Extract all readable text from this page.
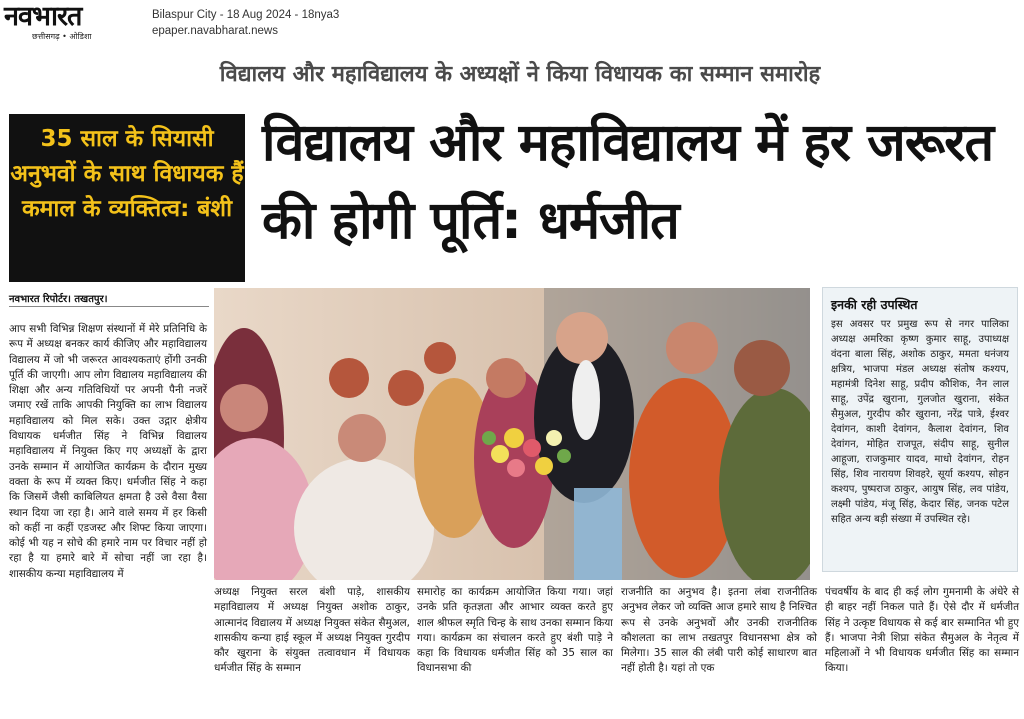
नवभारत
छत्तीसगढ़ • ओडिशा
Bilaspur City - 18 Aug 2024 - 18nya3
epaper.navabharat.news
विद्यालय और महाविद्यालय के अध्यक्षों ने किया विधायक का सम्मान समारोह
35 साल के सियासी अनुभवों के साथ विधायक हैं कमाल के व्यक्तित्व: बंशी
विद्यालय और महाविद्यालय में हर जरूरत की होगी पूर्ति: धर्मजीत
नवभारत रिपोर्टर। तखतपुर।
आप सभी विभिन्न शिक्षण संस्थानों में मेरे प्रतिनिधि के रूप में अध्यक्ष बनकर कार्य कीजिए और महाविद्यालय विद्यालय में जो भी जरूरत आवश्यकताएं होंगी उनकी पूर्ति की जाएगी। आप लोग विद्यालय महाविद्यालय की शिक्षा और अन्य गतिविधियों पर अपनी पैनी नजरें जमाए रखें ताकि आपकी नियुक्ति का लाभ विद्यालय महाविद्यालय को मिल सके। उक्त उद्गार क्षेत्रीय विधायक धर्मजीत सिंह ने विभिन्न विद्यालय महाविद्यालय में नियुक्त किए गए अध्यक्षों के द्वारा उनके सम्मान में आयोजित कार्यक्रम के दौरान मुख्य वक्ता के रूप में व्यक्त किए। धर्मजीत सिंह ने कहा कि जिसमें जैसी काबिलियत क्षमता है उसे वैसा वैसा स्थान दिया जा रहा है। आने वाले समय में हर किसी को कहीं ना कहीं एडजस्ट और शिफ्ट किया जाएगा। कोई भी यह न सोचे की हमारे नाम पर विचार नहीं हो रहा है या हमारे बारे में सोचा नहीं जा रहा है। शासकीय कन्या महाविद्यालय में
इनकी रही उपस्थित
इस अवसर पर प्रमुख रूप से नगर पालिका अध्यक्ष अमरिका कृष्ण कुमार साहू, उपाध्यक्ष वंदना बाला सिंह, अशोक ठाकुर, ममता धनंजय क्षत्रिय, भाजपा मंडल अध्यक्ष संतोष कश्यप, महामंत्री दिनेश साहू, प्रदीप कौशिक, नैन लाल साहू, उपेंद्र खुराना, गुलजोत खुराना, संकेत सैमुअल, गुरदीप कौर खुराना, नरेंद्र पात्रे, ईश्वर देवांगन, काशी देवांगन, कैलाश देवांगन, शिव देवांगन, मोहित राजपूत, संदीप साहू, सुनील आहूजा, राजकुमार यादव, माधो देवांगन, रोहन सिंह, शिव नारायण शिवहरे, सूर्या कश्यप, सोहन कश्यप, पुष्पराज ठाकुर, आयुष सिंह, लव पांडेय, लक्ष्मी पांडेय, मंजू सिंह, केदार सिंह, जनक पटेल सहित अन्य बड़ी संख्या में उपस्थित रहे।
अध्यक्ष नियुक्त सरल बंशी पाड़े, शासकीय महाविद्यालय में अध्यक्ष नियुक्त अशोक ठाकुर, आत्मानंद विद्यालय में अध्यक्ष नियुक्त संकेत सैमुअल, शासकीय कन्या हाई स्कूल में अध्यक्ष नियुक्त गुरदीप कौर खुराना के संयुक्त तत्वावधान में विधायक धर्मजीत सिंह के सम्मान
समारोह का कार्यक्रम आयोजित किया गया। जहां उनके प्रति कृतज्ञता और आभार व्यक्त करते हुए शाल श्रीफल स्मृति चिन्ह के साथ उनका सम्मान किया गया। कार्यक्रम का संचालन करते हुए बंशी पाड़े ने कहा कि विधायक धर्मजीत सिंह को 35 साल का विधानसभा की
राजनीति का अनुभव है। इतना लंबा राजनीतिक अनुभव लेकर जो व्यक्ति आज हमारे साथ है निश्चित रूप से उनके अनुभवों और उनकी राजनीतिक कौशलता का लाभ तखतपुर विधानसभा क्षेत्र को मिलेगा। 35 साल की लंबी पारी कोई साधारण बात नहीं होती है। यहां तो एक
पंचवर्षीय के बाद ही कई लोग गुमनामी के अंधेरे से ही बाहर नहीं निकल पाते हैं। ऐसे दौर में धर्मजीत सिंह ने उत्कृष्ट विधायक से कई बार सम्मानित भी हुए हैं। भाजपा नेत्री शिप्रा संकेत सैमुअल के नेतृत्व में महिलाओं ने भी विधायक धर्मजीत सिंह का सम्मान किया।
